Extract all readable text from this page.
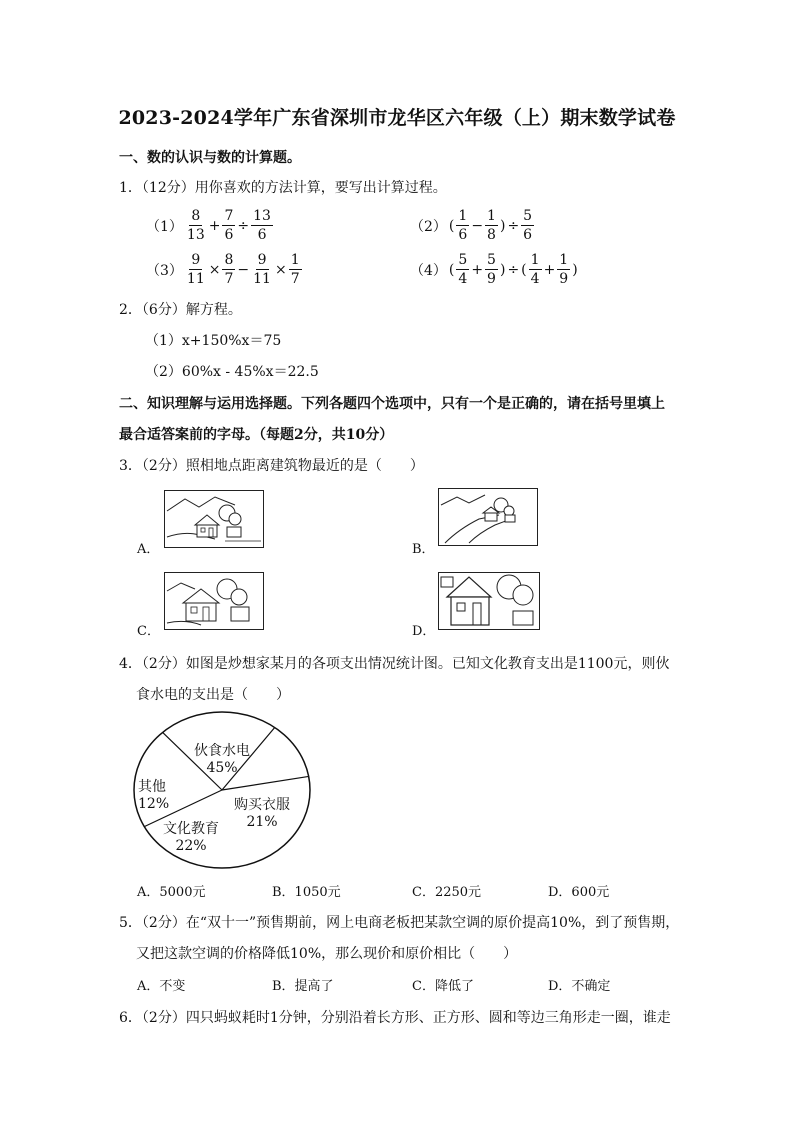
2023-2024学年广东省深圳市龙华区六年级（上）期末数学试卷
一、数的认识与数的计算题。
1．（12分）用你喜欢的方法计算，要写出计算过程。
$(1) \frac{8}{13} + \frac{7}{6} \div \frac{13}{6}$	（2） ( $\frac{1}{6} - \frac{1}{8}$ ) ÷ $\frac{5}{6}$
$(3) \frac{9}{11} \times \frac{8}{7} - \frac{9}{11} \times \frac{1}{7}$	（4） ( $\frac{5}{4} + \frac{5}{9}$ ) ÷ ( $\frac{1}{4} + \frac{1}{9}$ )
2．（6分）解方程。
（1）x+150%x＝75
（2）60%x - 45%x＝22.5
二、知识理解与运用选择题。下列各题四个选项中，只有一个是正确的，请在括号里填上
最合适答案前的字母。（每题2分，共10分）
3．（2分）照相地点距离建筑物最近的是（　　）
A．	B．
C．	D．
4．（2分）如图是炒想家某月的各项支出情况统计图。已知文化教育支出是1100元，则伙
食水电的支出是（　　）
伙食水电
45%
购买衣服
21%
文化教育
22%
其他
12%
A．5000元	B．1050元	C．2250元	D．600元
5．（2分）在“双十一”预售期前，网上电商老板把某款空调的原价提高10%，到了预售期，
又把这款空调的价格降低10%，那么现价和原价相比（　　）
A．不变	B．提高了	C．降低了	D．不确定
6．（2分）四只蚂蚁耗时1分钟，分别沿着长方形、正方形、圆和等边三角形走一圈，谁走
